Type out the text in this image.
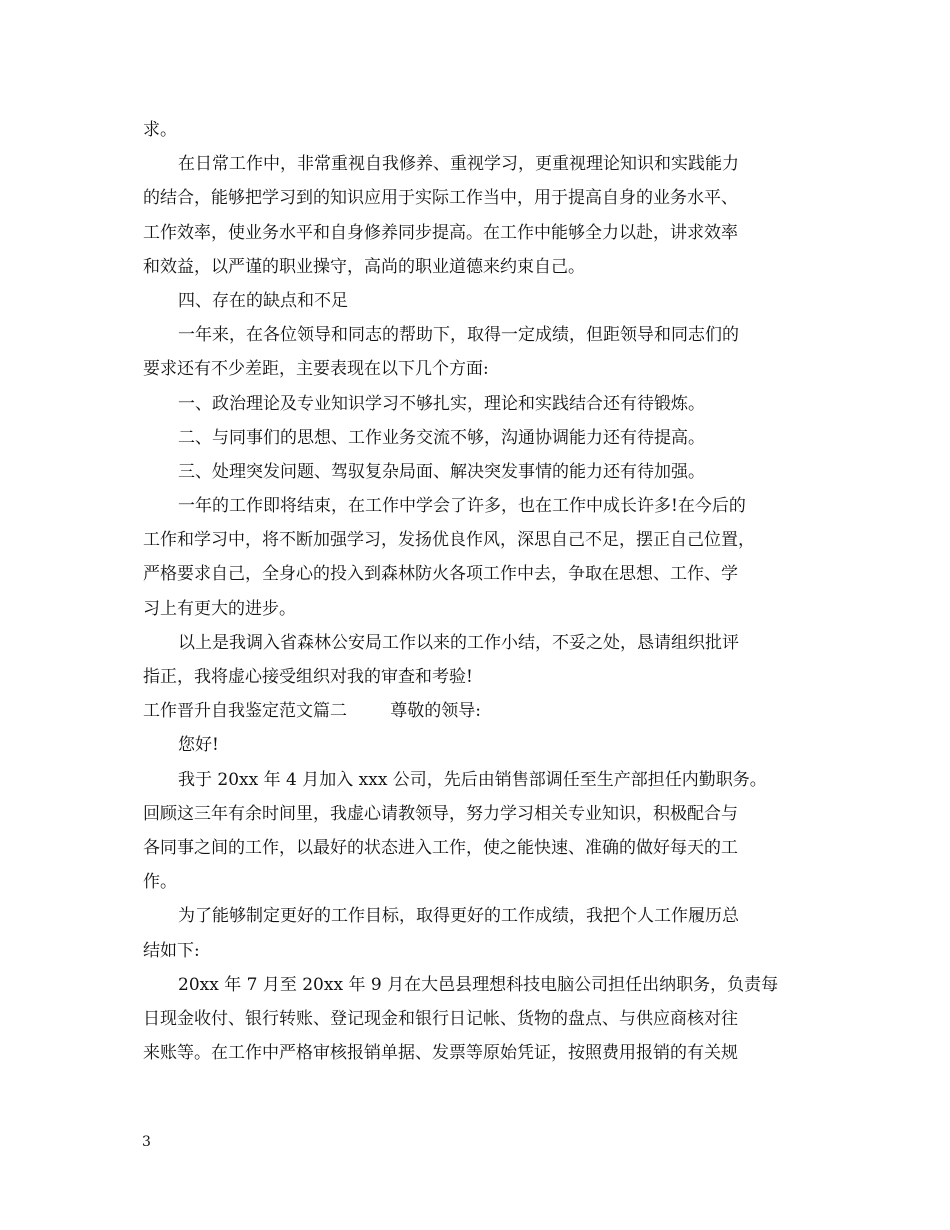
求。
在日常工作中，非常重视自我修养、重视学习，更重视理论知识和实践能力
的结合，能够把学习到的知识应用于实际工作当中，用于提高自身的业务水平、
工作效率，使业务水平和自身修养同步提高。在工作中能够全力以赴，讲求效率
和效益，以严谨的职业操守，高尚的职业道德来约束自己。
四、存在的缺点和不足
一年来，在各位领导和同志的帮助下，取得一定成绩，但距领导和同志们的
要求还有不少差距，主要表现在以下几个方面:
一、政治理论及专业知识学习不够扎实，理论和实践结合还有待锻炼。
二、与同事们的思想、工作业务交流不够，沟通协调能力还有待提高。
三、处理突发问题、驾驭复杂局面、解决突发事情的能力还有待加强。
一年的工作即将结束，在工作中学会了许多，也在工作中成长许多!在今后的
工作和学习中，将不断加强学习，发扬优良作风，深思自己不足，摆正自己位置，
严格要求自己，全身心的投入到森林防火各项工作中去，争取在思想、工作、学
习上有更大的进步。
以上是我调入省森林公安局工作以来的工作小结，不妥之处，恳请组织批评
指正，我将虚心接受组织对我的审查和考验!
工作晋升自我鉴定范文篇二        尊敬的领导:
您好!
我于 20xx 年 4 月加入 xxx 公司，先后由销售部调任至生产部担任内勤职务。
回顾这三年有余时间里，我虚心请教领导，努力学习相关专业知识，积极配合与
各同事之间的工作，以最好的状态进入工作，使之能快速、准确的做好每天的工
作。
为了能够制定更好的工作目标，取得更好的工作成绩，我把个人工作履历总
结如下:
20xx 年 7 月至 20xx 年 9 月在大邑县理想科技电脑公司担任出纳职务，负责每
日现金收付、银行转账、登记现金和银行日记帐、货物的盘点、与供应商核对往
来账等。在工作中严格审核报销单据、发票等原始凭证，按照费用报销的有关规
3
